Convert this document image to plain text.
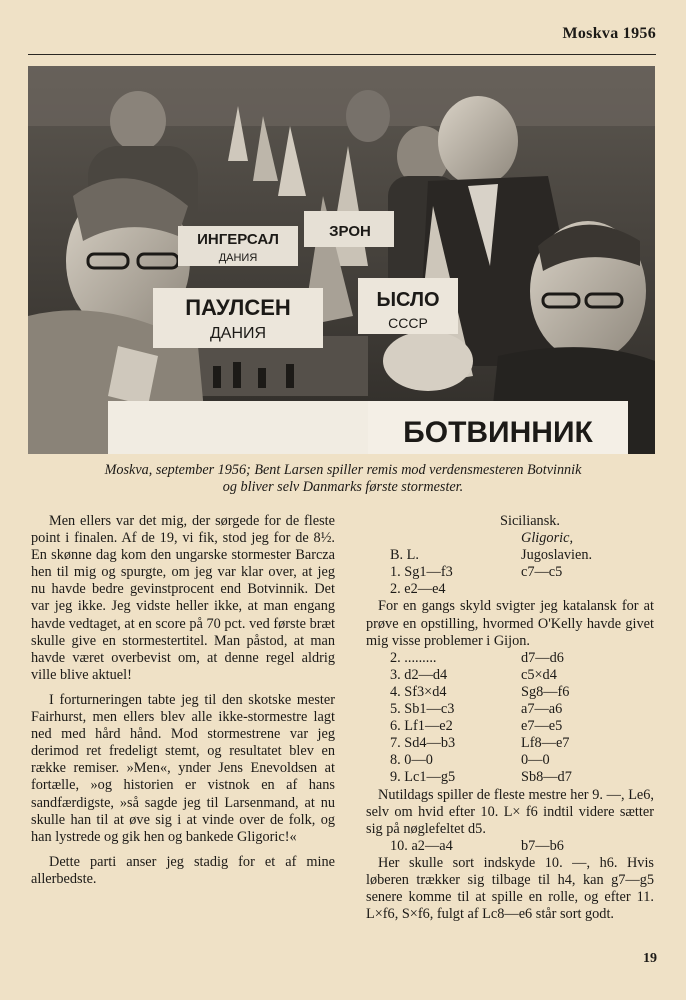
Moskva 1956
ИНГЕРСАЛ
ДАНИЯ
ЗРОН
ПАУЛСЕН
ДАНИЯ
ЫСЛО
СССР
БОТВИННИК
Moskva, september 1956; Bent Larsen spiller remis mod verdensmesteren Botvinnik
og bliver selv Danmarks første stormester.

Men ellers var det mig, der sørgede for de fleste point i finalen. Af de 19, vi fik, stod jeg for de 8½. En skønne dag kom den ungarske stormester Barcza hen til mig og spurgte, om jeg var klar over, at jeg nu havde bedre gevinstprocent end Botvinnik. Det var jeg ikke. Jeg vidste heller ikke, at man engang havde vedtaget, at en score på 70 pct. ved første bræt skulle give en stormestertitel. Man påstod, at man havde været overbevist om, at denne regel aldrig ville blive aktuel!

I forturneringen tabte jeg til den skotske mester Fairhurst, men ellers blev alle ikke-stormestre lagt ned med hård hånd. Mod stormestrene var jeg derimod ret fredeligt stemt, og resultatet blev en række remiser. »Men«, ynder Jens Enevoldsen at fortælle, »og historien er vistnok en af hans sandfærdigste, »så sagde jeg til Larsenmand, at nu skulle han til at øve sig i at vinde over de folk, og han lystrede og gik hen og bankede Gligoric!«

Dette parti anser jeg stadig for et af mine allerbedste.

Siciliansk.
Gligoric,
B. L.	Jugoslavien.
1. Sg1—f3	c7—c5
2. e2—e4

For en gangs skyld svigter jeg katalansk for at prøve en opstilling, hvormed O'Kelly havde givet mig visse problemer i Gijon.

2. .........	d7—d6
3. d2—d4	c5×d4
4. Sf3×d4	Sg8—f6
5. Sb1—c3	a7—a6
6. Lf1—e2	e7—e5
7. Sd4—b3	Lf8—e7
8. 0—0	0—0
9. Lc1—g5	Sb8—d7

Nutildags spiller de fleste mestre her 9. —, Le6, selv om hvid efter 10. L× f6 indtil videre sætter sig på nøglefeltet d5.

10. a2—a4	b7—b6

Her skulle sort indskyde 10. —, h6. Hvis løberen trækker sig tilbage til h4, kan g7—g5 senere komme til at spille en rolle, og efter 11. L×f6, S×f6, fulgt af Lc8—e6 står sort godt.

19
